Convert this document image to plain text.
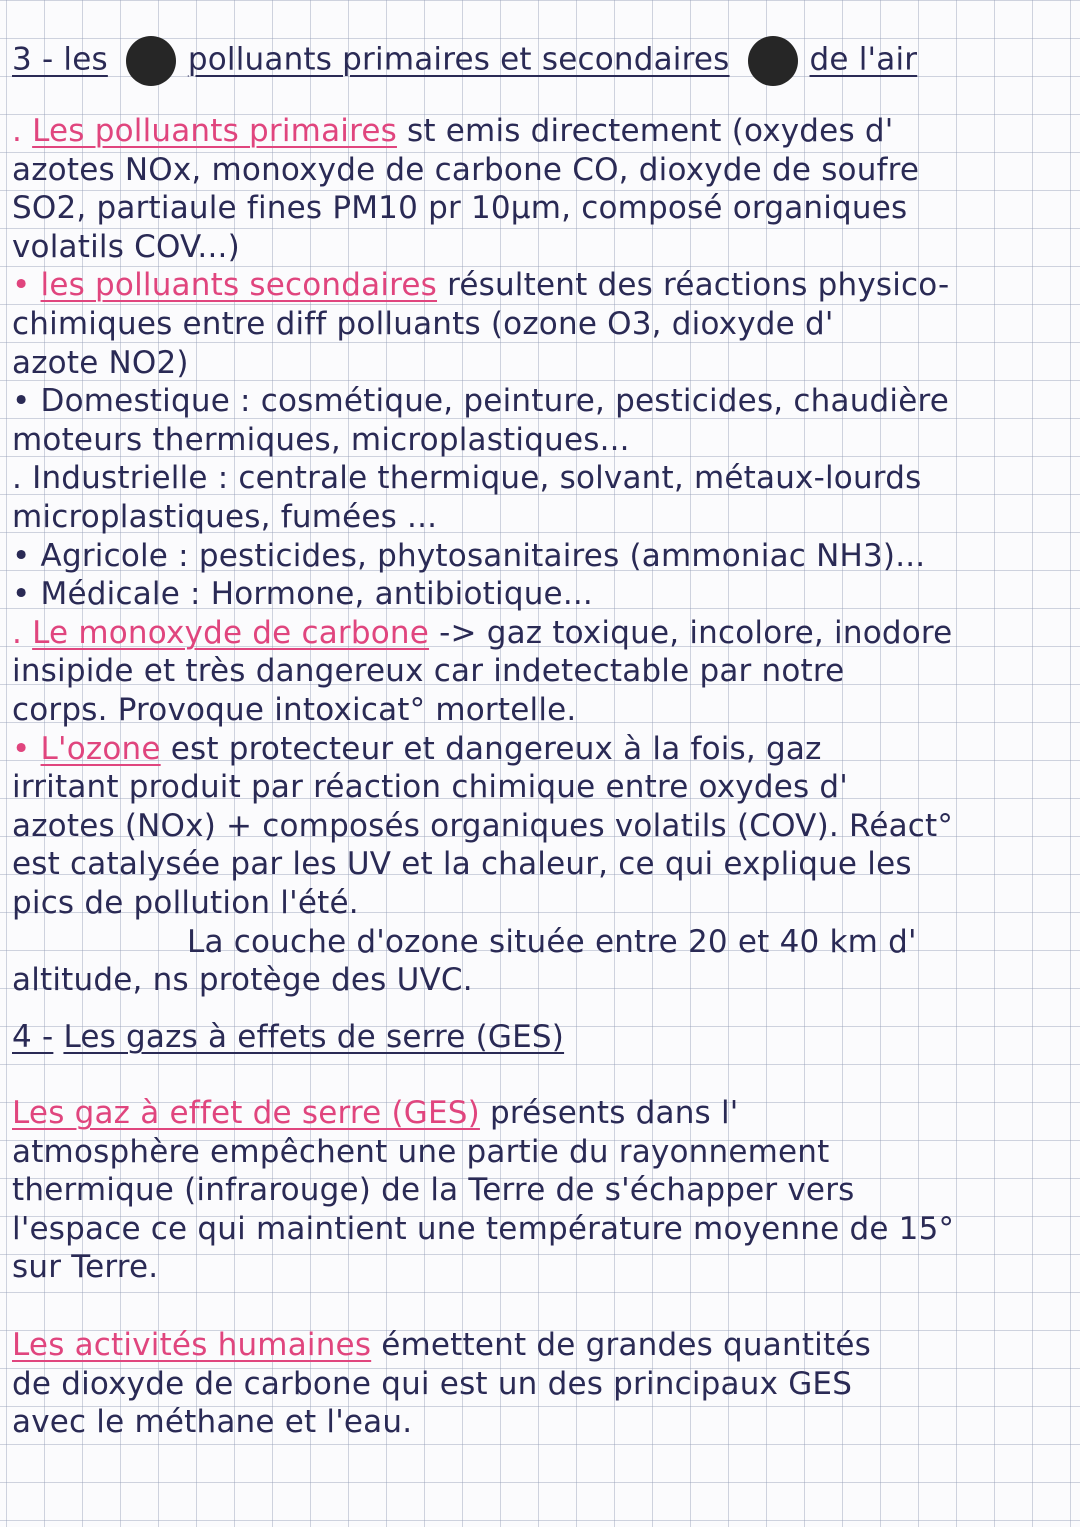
3 - les	polluants primaires et secondaires	de l'air
. Les polluants primaires st emis directement (oxydes d'
azotes NOx, monoxyde de carbone CO, dioxyde de soufre
SO2, partiaule fines PM10 pr 10µm, composé organiques
volatils COV...)
• les polluants secondaires résultent des réactions physico-
chimiques entre diff polluants (ozone O3, dioxyde d'
azote NO2)
• Domestique : cosmétique, peinture, pesticides, chaudière
moteurs thermiques, microplastiques...
. Industrielle : centrale thermique, solvant, métaux-lourds
microplastiques, fumées ...
• Agricole : pesticides, phytosanitaires (ammoniac NH3)...
• Médicale : Hormone, antibiotique...
. Le monoxyde de carbone -> gaz toxique, incolore, inodore
insipide et très dangereux car indetectable par notre
corps. Provoque intoxicat° mortelle.
• L'ozone est protecteur et dangereux à la fois, gaz
irritant produit par réaction chimique entre oxydes d'
azotes (NOx) + composés organiques volatils (COV). Réact°
est catalysée par les UV et la chaleur, ce qui explique les
pics de pollution l'été.
La couche d'ozone située entre 20 et 40 km d'
altitude, ns protège des UVC.
4 - Les gazs à effets de serre (GES)
Les gaz à effet de serre (GES) présents dans l'
atmosphère empêchent une partie du rayonnement
thermique (infrarouge) de la Terre de s'échapper vers
l'espace ce qui maintient une température moyenne de 15°
sur Terre.
Les activités humaines émettent de grandes quantités
de dioxyde de carbone qui est un des principaux GES
avec le méthane et l'eau.
